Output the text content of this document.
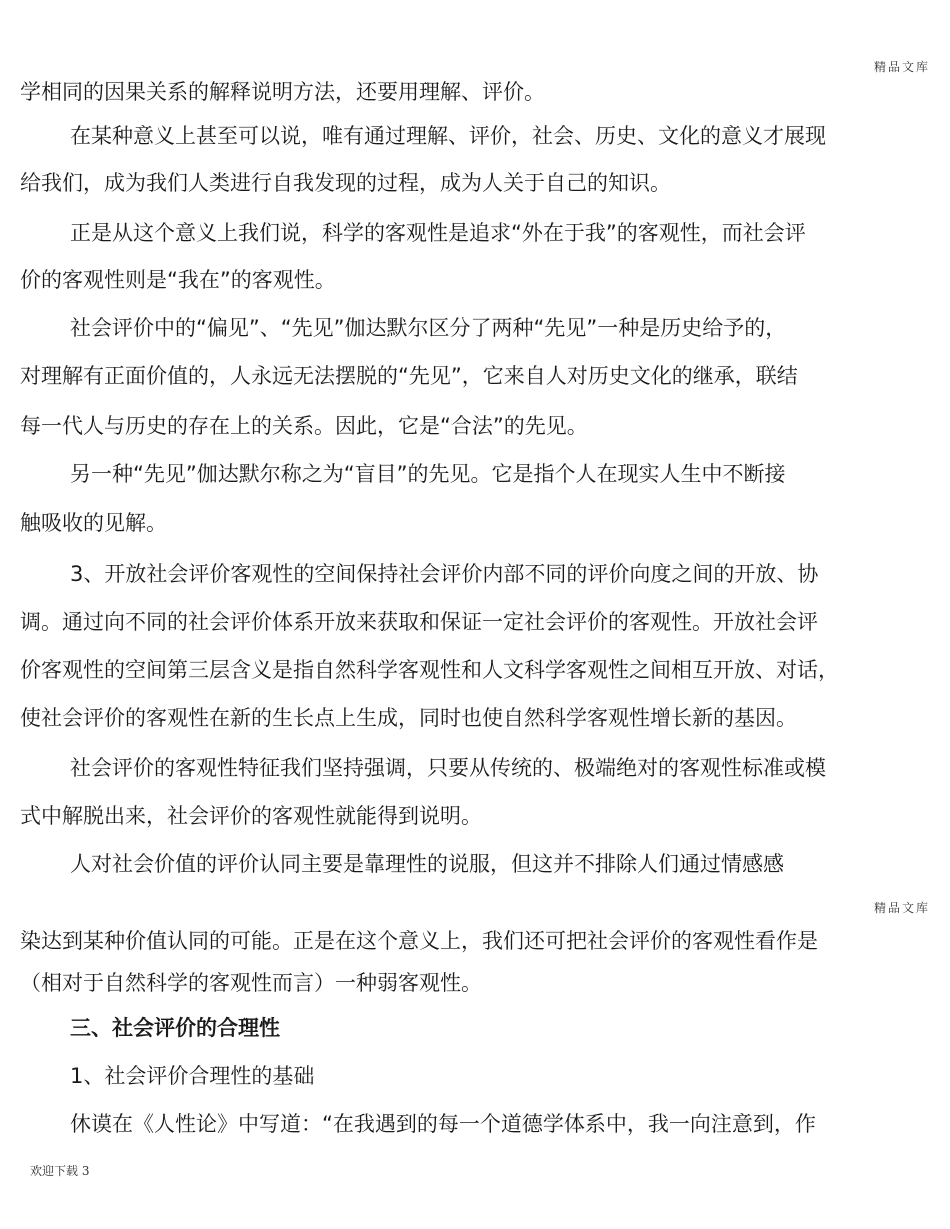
精品文库
学相同的因果关系的解释说明方法，还要用理解、评价。
在某种意义上甚至可以说，唯有通过理解、评价，社会、历史、文化的意义才展现
给我们，成为我们人类进行自我发现的过程，成为人关于自己的知识。
正是从这个意义上我们说，科学的客观性是追求“外在于我”的客观性，而社会评
价的客观性则是“我在”的客观性。
社会评价中的“偏见”、“先见”伽达默尔区分了两种“先见”一种是历史给予的，
对理解有正面价值的，人永远无法摆脱的“先见”，它来自人对历史文化的继承，联结
每一代人与历史的存在上的关系。因此，它是“合法”的先见。
另一种“先见”伽达默尔称之为“盲目”的先见。它是指个人在现实人生中不断接
触吸收的见解。
3、开放社会评价客观性的空间保持社会评价内部不同的评价向度之间的开放、协
调。通过向不同的社会评价体系开放来获取和保证一定社会评价的客观性。开放社会评
价客观性的空间第三层含义是指自然科学客观性和人文科学客观性之间相互开放、对话，
使社会评价的客观性在新的生长点上生成，同时也使自然科学客观性增长新的基因。
社会评价的客观性特征我们坚持强调，只要从传统的、极端绝对的客观性标准或模
式中解脱出来，社会评价的客观性就能得到说明。
人对社会价值的评价认同主要是靠理性的说服，但这并不排除人们通过情感感
精品文库
染达到某种价值认同的可能。正是在这个意义上，我们还可把社会评价的客观性看作是
（相对于自然科学的客观性而言）一种弱客观性。
三、社会评价的合理性
1、社会评价合理性的基础
休谟在《人性论》中写道：“在我遇到的每一个道德学体系中，我一向注意到，作
欢迎下载 3
